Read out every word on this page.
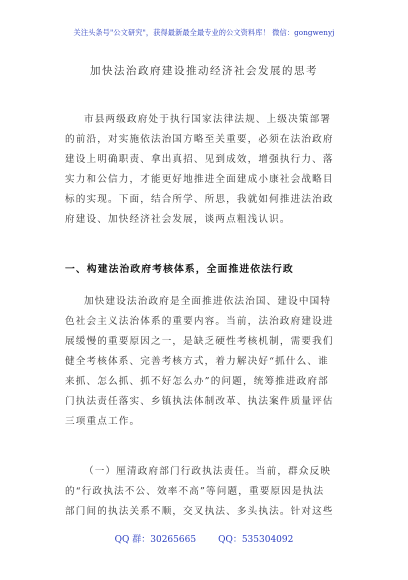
关注头条号"公文研究"，获得最新最全最专业的公文资料库！ 微信：gongwenyj
加快法治政府建设推动经济社会发展的思考
市县两级政府处于执行国家法律法规、上级决策部署
的前沿，对实施依法治国方略至关重要，必须在法治政府
建设上明确职责、拿出真招、见到成效，增强执行力、落
实力和公信力，才能更好地推进全面建成小康社会战略目
标的实现。下面，结合所学、所思，我就如何推进法治政
府建设、加快经济社会发展，谈两点粗浅认识。
一、构建法治政府考核体系，全面推进依法行政
加快建设法治政府是全面推进依法治国、建设中国特
色社会主义法治体系的重要内容。当前，法治政府建设进
展缓慢的重要原因之一，是缺乏硬性考核机制，需要我们
健全考核体系、完善考核方式，着力解决好“抓什么、谁
来抓、怎么抓、抓不好怎么办”的问题，统筹推进政府部
门执法责任落实、乡镇执法体制改革、执法案件质量评估
三项重点工作。
（一）厘清政府部门行政执法责任。当前，群众反映
的“行政执法不公、效率不高”等问题，重要原因是执法
部门间的执法关系不顺，交叉执法、多头执法。针对这些
QQ 群：30265665 QQ：535304092
